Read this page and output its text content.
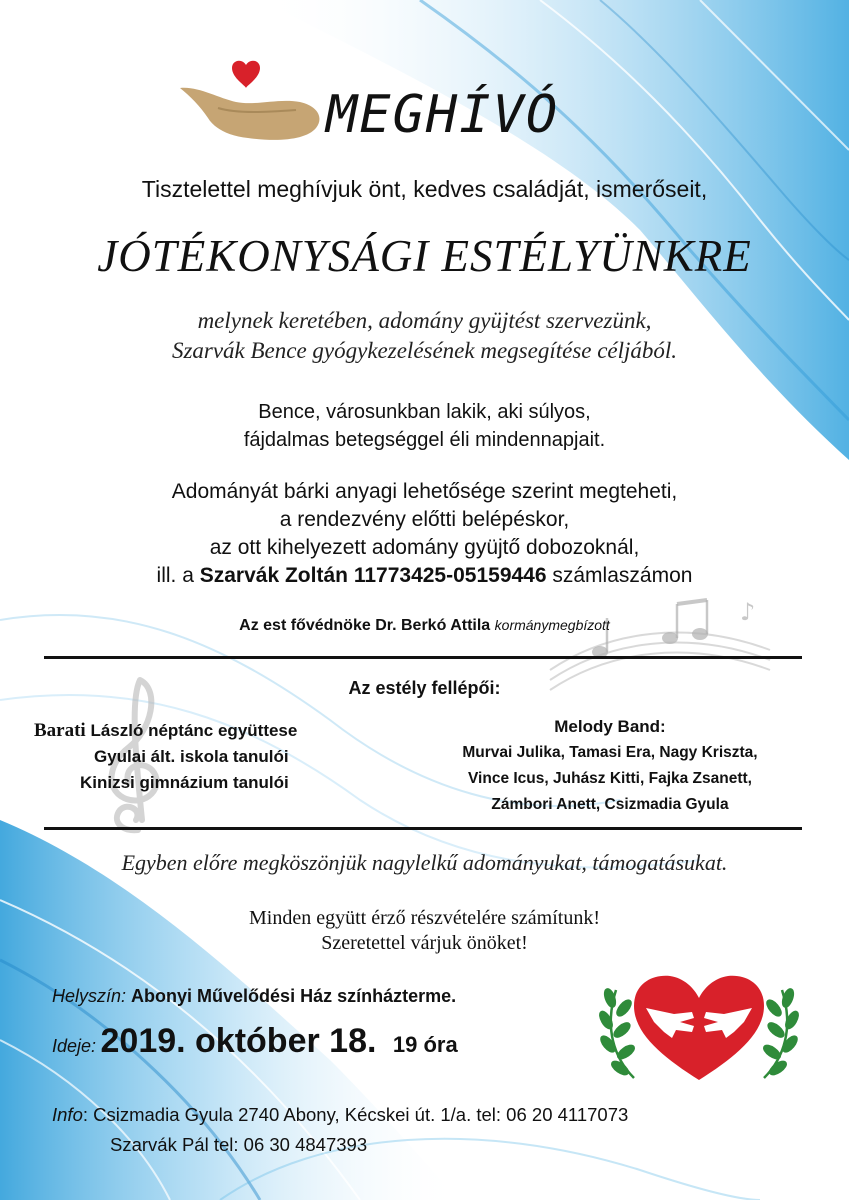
♪
MEGHÍVÓ
Tisztelettel meghívjuk önt, kedves családját, ismerőseit,
JÓTÉKONYSÁGI ESTÉLYÜNKRE
melynek keretében, adomány gyüjtést szervezünk,
Szarvák Bence gyógykezelésének megsegítése céljából.
Bence, városunkban lakik, aki súlyos,
fájdalmas betegséggel éli mindennapjait.
Adományát bárki anyagi lehetősége szerint megteheti,
a rendezvény előtti belépéskor,
az ott kihelyezett adomány gyüjtő dobozoknál,
ill. a Szarvák Zoltán 11773425-05159446 számlaszámon
Az est fővédnöke Dr. Berkó Attila kormánymegbízott
Az estély fellépői:
Barati László néptánc együttese
Gyulai ált. iskola tanulói
Kinizsi gimnázium tanulói
Melody Band:
Murvai Julika, Tamasi Era, Nagy Kriszta,
Vince Icus, Juhász Kitti, Fajka Zsanett,
Zámbori Anett, Csizmadia Gyula
Egyben előre megköszönjük nagylelkű adományukat, támogatásukat.
Minden együtt érző részvételére számítunk!
Szeretettel várjuk önöket!
Helyszín: Abonyi Művelődési Ház színházterme.
Ideje: 2019. október 18. 19 óra
Info: Csizmadia Gyula 2740 Abony, Kécskei út. 1/a. tel: 06 20 4117073
Szarvák Pál tel: 06 30 4847393
